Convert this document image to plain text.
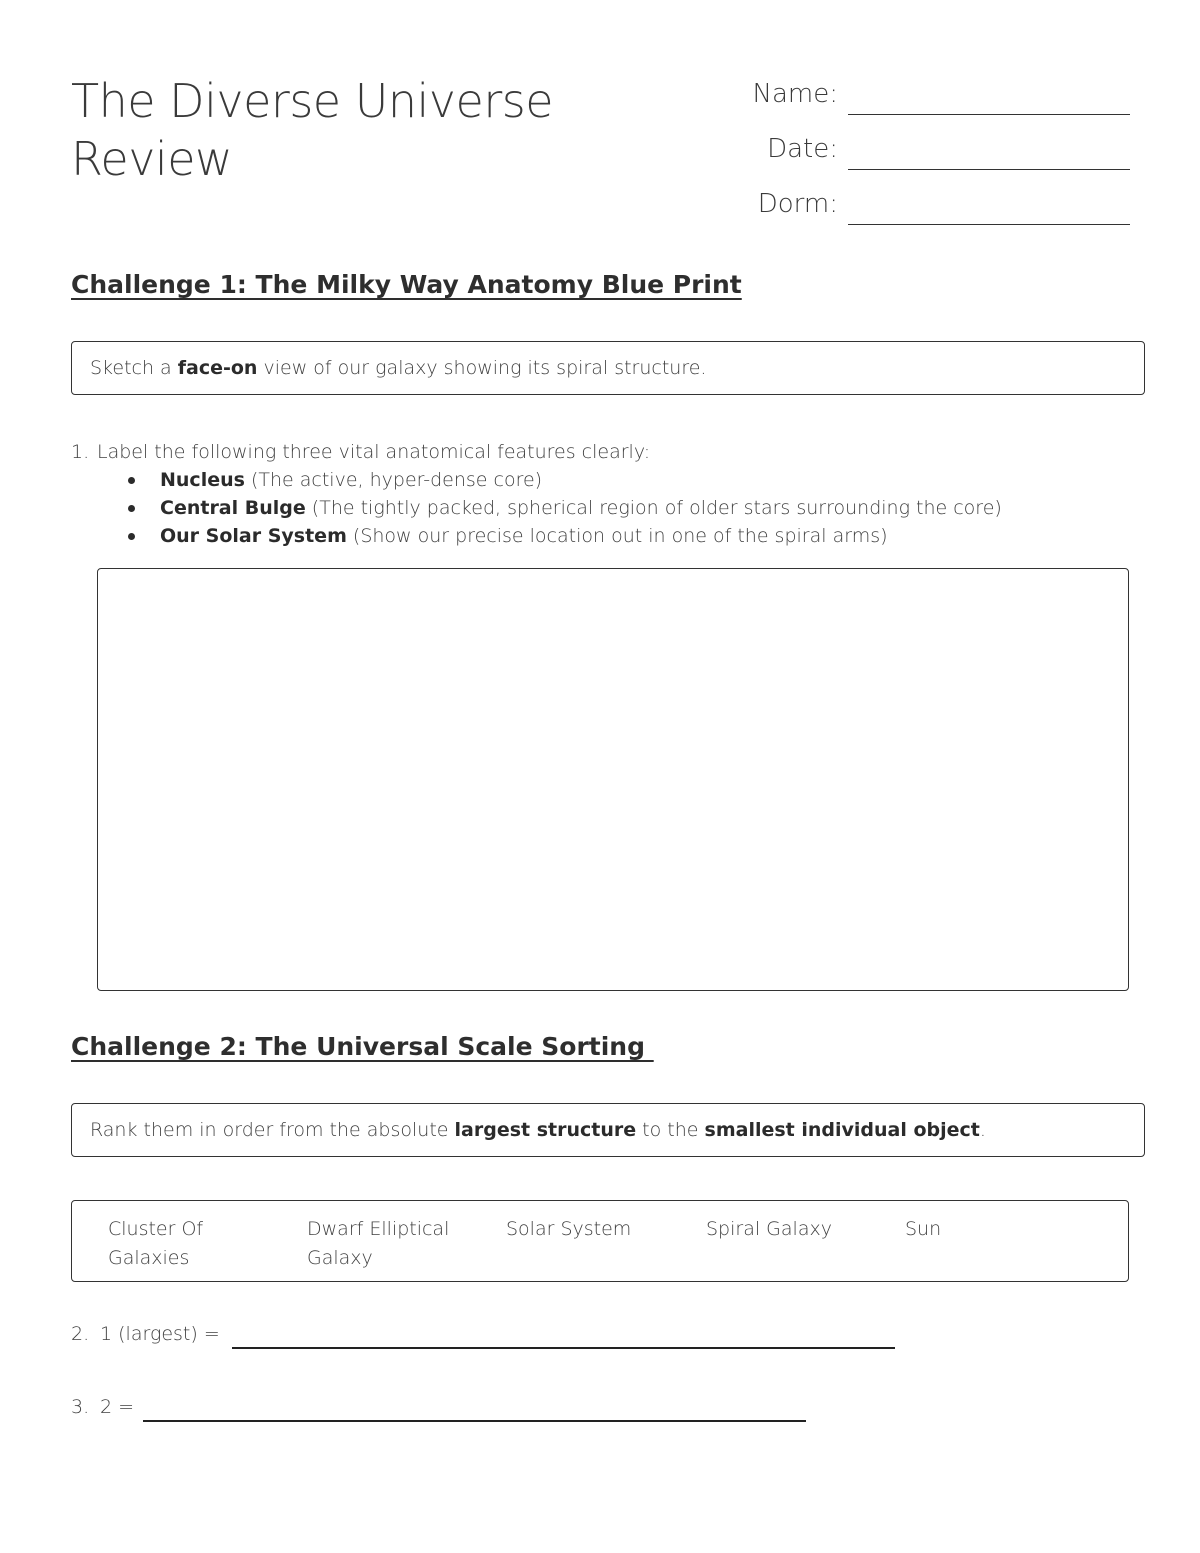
The Diverse Universe
Review
Name:
Date:
Dorm:
Challenge 1: The Milky Way Anatomy Blue Print
Sketch a face-on view of our galaxy showing its spiral structure.
1. Label the following three vital anatomical features clearly:
Nucleus (The active, hyper-dense core)
Central Bulge (The tightly packed, spherical region of older stars surrounding the core)
Our Solar System (Show our precise location out in one of the spiral arms)
Challenge 2: The Universal Scale Sorting
Rank them in order from the absolute largest structure to the smallest individual object.
Cluster Of
Galaxies
Dwarf Elliptical
Galaxy
Solar System	Spiral Galaxy	Sun
2. 1 (largest) =
3. 2 =
